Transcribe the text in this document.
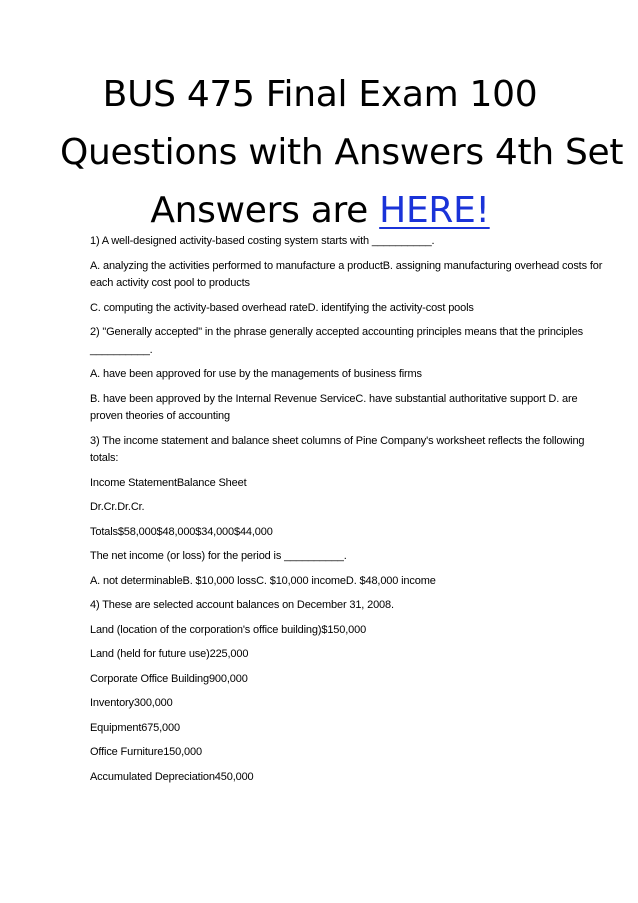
BUS 475 Final Exam 100
Questions with Answers 4th Set
Answers are HERE!

1) A well-designed activity-based costing system starts with __________.

A. analyzing the activities performed to manufacture a productB. assigning manufacturing overhead costs for each activity cost pool to products

C. computing the activity-based overhead rateD. identifying the activity-cost pools

2) "Generally accepted" in the phrase generally accepted accounting principles means that the principles __________.

A. have been approved for use by the managements of business firms

B. have been approved by the Internal Revenue ServiceC. have substantial authoritative support D. are proven theories of accounting

3) The income statement and balance sheet columns of Pine Company's worksheet reflects the following totals:

Income StatementBalance Sheet

Dr.Cr.Dr.Cr.

Totals$58,000$48,000$34,000$44,000

The net income (or loss) for the period is __________.

A. not determinableB. $10,000 lossC. $10,000 incomeD. $48,000 income

4) These are selected account balances on December 31, 2008.

Land (location of the corporation's office building)$150,000

Land (held for future use)225,000

Corporate Office Building900,000

Inventory300,000

Equipment675,000

Office Furniture150,000

Accumulated Depreciation450,000
